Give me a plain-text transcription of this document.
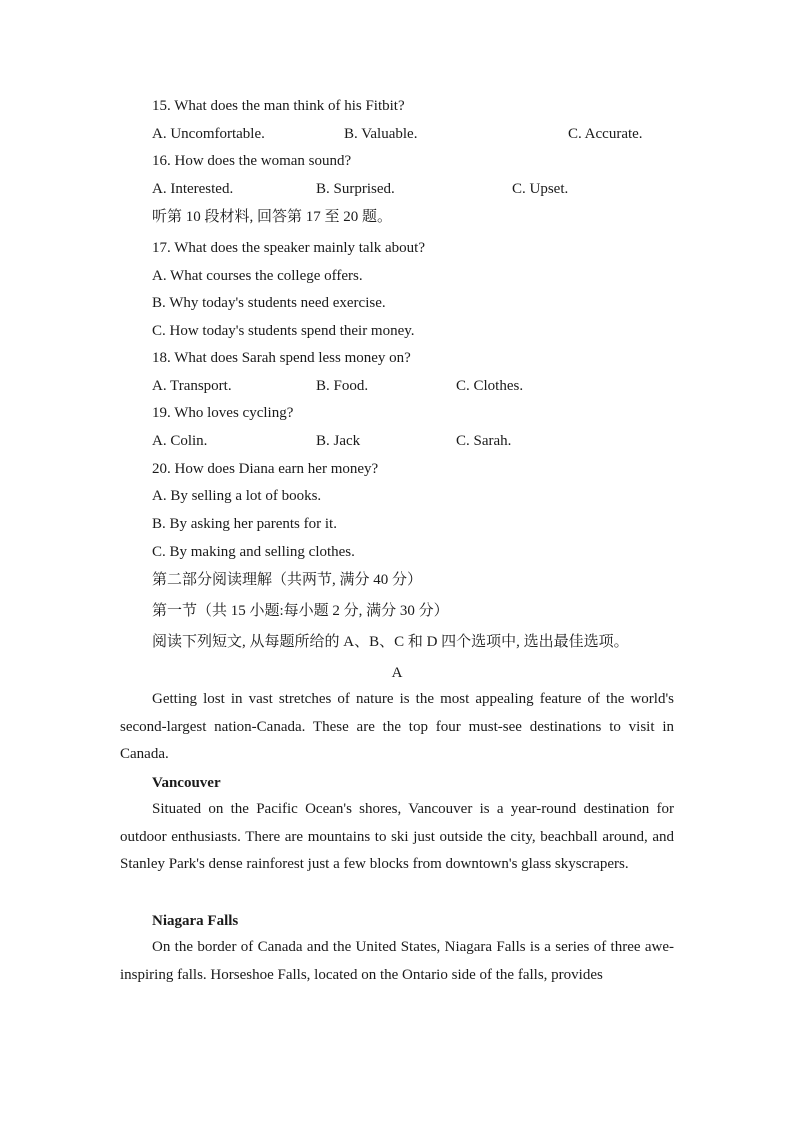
15. What does the man think of his Fitbit?
A. Uncomfortable.	B. Valuable.	C. Accurate.
16. How does the woman sound?
A. Interested.	B. Surprised.	C. Upset.
听第 10 段材料, 回答第 17 至 20 题。
17. What does the speaker mainly talk about?
A. What courses the college offers.
B. Why today's students need exercise.
C. How today's students spend their money.
18. What does Sarah spend less money on?
A. Transport.	B. Food.	C. Clothes.
19. Who loves cycling?
A. Colin.	B. Jack	C. Sarah.
20. How does Diana earn her money?
A. By selling a lot of books.
B. By asking her parents for it.
C. By making and selling clothes.
第二部分阅读理解（共两节, 满分 40 分）
第一节（共 15 小题:每小题 2 分, 满分 30 分）
阅读下列短文, 从每题所给的 A、B、C 和 D 四个选项中, 选出最佳选项。
A
Getting lost in vast stretches of nature is the most appealing feature of the world's second-largest nation-Canada. These are the top four must-see destinations to visit in Canada.
Vancouver
Situated on the Pacific Ocean's shores, Vancouver is a year-round destination for outdoor enthusiasts. There are mountains to ski just outside the city, beachball around, and Stanley Park's dense rainforest just a few blocks from downtown's glass skyscrapers.
Niagara Falls
On the border of Canada and the United States, Niagara Falls is a series of three awe-inspiring falls. Horseshoe Falls, located on the Ontario side of the falls, provides
